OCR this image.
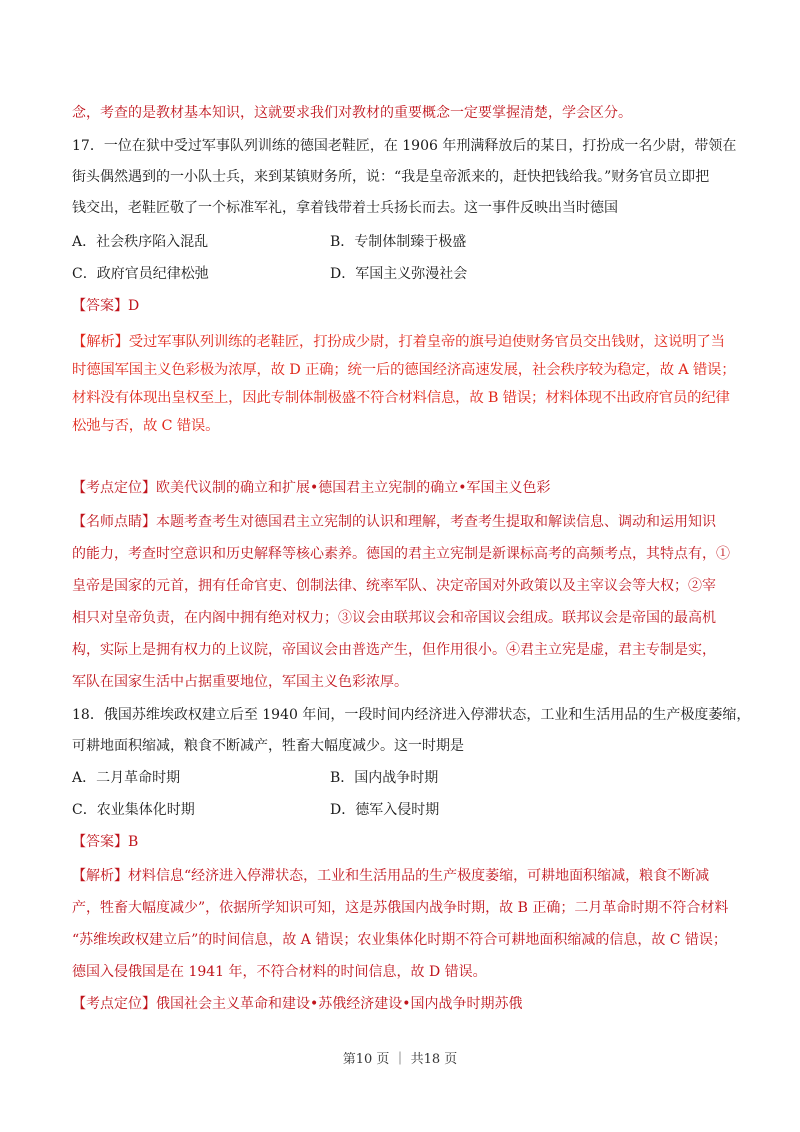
念，考查的是教材基本知识，这就要求我们对教材的重要概念一定要掌握清楚，学会区分。
17．一位在狱中受过军事队列训练的德国老鞋匠，在 1906 年刑满释放后的某日，打扮成一名少尉，带领在
街头偶然遇到的一小队士兵，来到某镇财务所，说：“我是皇帝派来的，赶快把钱给我。”财务官员立即把
钱交出，老鞋匠敬了一个标准军礼，拿着钱带着士兵扬长而去。这一事件反映出当时德国
A．社会秩序陷入混乱	B．专制体制臻于极盛
C．政府官员纪律松弛	D．军国主义弥漫社会
【答案】D
【解析】受过军事队列训练的老鞋匠，打扮成少尉，打着皇帝的旗号迫使财务官员交出钱财，这说明了当
时德国军国主义色彩极为浓厚，故 D 正确；统一后的德国经济高速发展，社会秩序较为稳定，故 A 错误；
材料没有体现出皇权至上，因此专制体制极盛不符合材料信息，故 B 错误；材料体现不出政府官员的纪律
松弛与否，故 C 错误。
【考点定位】欧美代议制的确立和扩展•德国君主立宪制的确立•军国主义色彩
【名师点睛】本题考查考生对德国君主立宪制的认识和理解，考查考生提取和解读信息、调动和运用知识
的能力，考查时空意识和历史解释等核心素养。德国的君主立宪制是新课标高考的高频考点，其特点有，①
皇帝是国家的元首，拥有任命官吏、创制法律、统率军队、决定帝国对外政策以及主宰议会等大权；②宰
相只对皇帝负责，在内阁中拥有绝对权力；③议会由联邦议会和帝国议会组成。联邦议会是帝国的最高机
构，实际上是拥有权力的上议院，帝国议会由普选产生，但作用很小。④君主立宪是虚，君主专制是实，
军队在国家生活中占据重要地位，军国主义色彩浓厚。
18．俄国苏维埃政权建立后至 1940 年间，一段时间内经济进入停滞状态，工业和生活用品的生产极度萎缩，
可耕地面积缩减，粮食不断减产，牲畜大幅度减少。这一时期是
A．二月革命时期	B．国内战争时期
C．农业集体化时期	D．德军入侵时期
【答案】B
【解析】材料信息“经济进入停滞状态，工业和生活用品的生产极度萎缩，可耕地面积缩减，粮食不断减
产，牲畜大幅度减少”，依据所学知识可知，这是苏俄国内战争时期，故 B 正确；二月革命时期不符合材料
“苏维埃政权建立后”的时间信息，故 A 错误；农业集体化时期不符合可耕地面积缩减的信息，故 C 错误；
德国入侵俄国是在 1941 年，不符合材料的时间信息，故 D 错误。
【考点定位】俄国社会主义革命和建设•苏俄经济建设•国内战争时期苏俄
第10 页 ｜ 共18 页
